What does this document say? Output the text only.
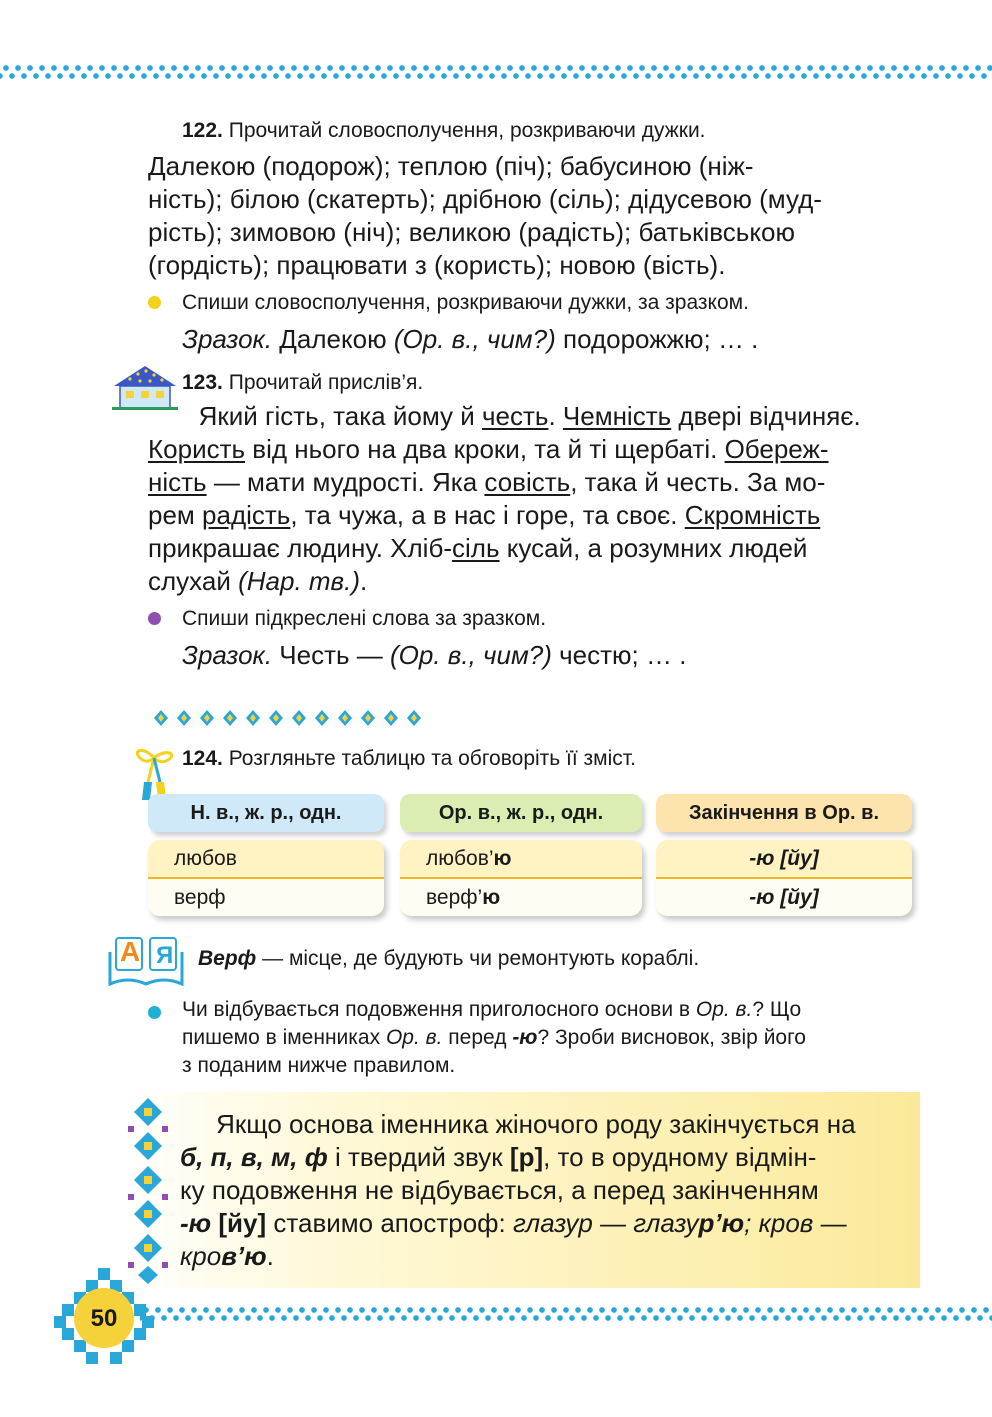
122. Прочитай словосполучення, розкриваючи дужки.
Далекою (подорож); теплою (піч); бабусиною (ніж-
ність); білою (скатерть); дрібною (сіль); дідусевою (муд-
рість); зимовою (ніч); великою (радість); батьківською
(гордість); працювати з (користь); новою (вість).
Спиши словосполучення, розкриваючи дужки, за зразком.
Зразок. Далекою (Ор. в., чим?) подорожжю; … .
123. Прочитай прислів’я.
Який гість, така йому й честь. Чемність двері відчиняє.
Користь від нього на два кроки, та й ті щербаті. Обереж-
ність — мати мудрості. Яка совість, така й честь. За мо-
рем радість, та чужа, а в нас і горе, та своє. Скромність
прикрашає людину. Хліб-сіль кусай, а розумних людей
слухай (Нар. тв.).
Спиши підкреслені слова за зразком.
Зразок. Честь — (Ор. в., чим?) честю; … .
124. Розгляньте таблицю та обговоріть її зміст.
Н. в., ж. р., одн.	Ор. в., ж. р., одн.	Закінчення в Ор. в.
любов
верф
любов’ ю
верф’ ю
-ю [йу]
-ю [йу]
А Я Верф — місце, де будують чи ремонтують кораблі.
Чи відбувається подовження приголосного основи в Ор. в.? Що
пишемо в іменниках Ор. в. перед -ю? Зроби висновок, звір його
з поданим нижче правилом.
Якщо основа іменника жіночого роду закінчується на
б, п, в, м, ф і твердий звук [р], то в орудному відмін-
ку подовження не відбувається, а перед закінченням
-ю [йу] ставимо апостроф: глазур — глазур’ю; кров —
кров’ю.
50
